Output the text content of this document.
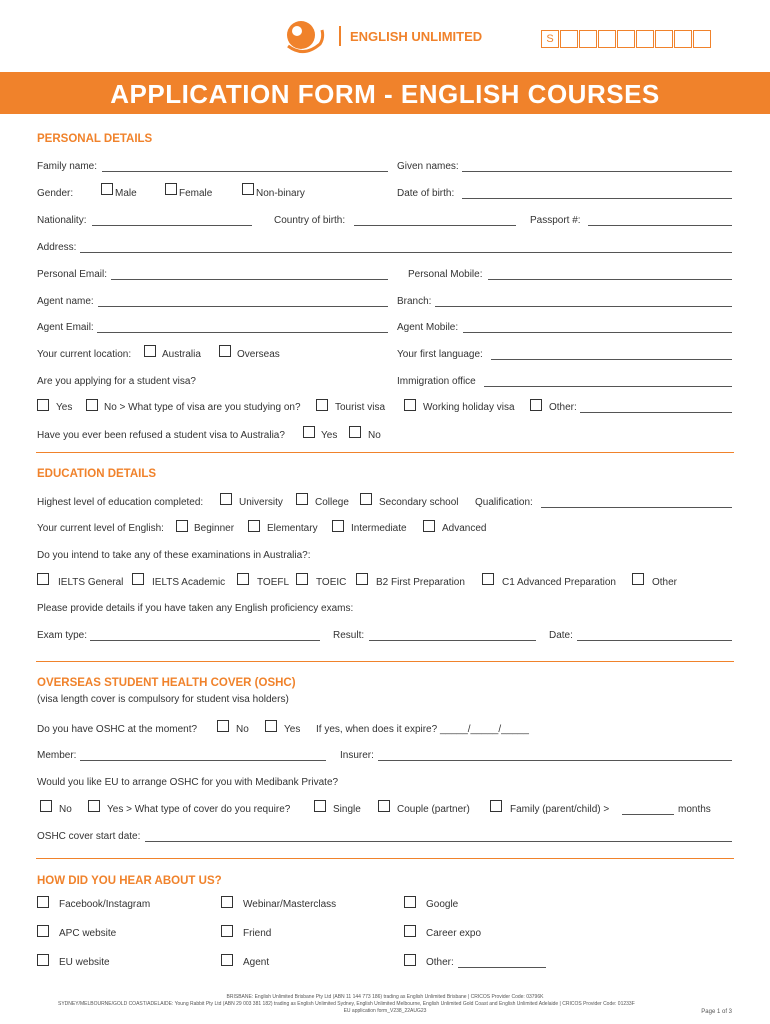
ENGLISH UNLIMITED	S
APPLICATION FORM - ENGLISH COURSES
PERSONAL DETAILS
Family name:	Given names:
Gender:	Male	Female	Non-binary	Date of birth:
Nationality:	Country of birth:	Passport #:
Address:
Personal Email:	Personal Mobile:
Agent name:	Branch:
Agent Email:	Agent Mobile:
Your current location:	Australia	Overseas	Your first language:
Are you applying for a student visa?	Immigration office
Yes	No > What type of visa are you studying on?	Tourist visa	Working holiday visa	Other:
Have you ever been refused a student visa to Australia?	Yes	No
EDUCATION DETAILS
Highest level of education completed:	University	College	Secondary school Qualification:
Your current level of English:	Beginner	Elementary	Intermediate	Advanced
Do you intend to take any of these examinations in Australia?:
IELTS General	IELTS Academic	TOEFL	TOEIC	B2 First Preparation	C1 Advanced Preparation	Other
Please provide details if you have taken any English proficiency exams:
Exam type:	Result:	Date:
OVERSEAS STUDENT HEALTH COVER (OSHC)
(visa length cover is compulsory for student visa holders)
Do you have OSHC at the moment?	No	Yes If yes, when does it expire? _____/_____/_____
Member:	Insurer:
Would you like EU to arrange OSHC for you with Medibank Private?
No	Yes > What type of cover do you require?	Single	Couple (partner)	Family (parent/child) >	months
OSHC cover start date:
HOW DID YOU HEAR ABOUT US?
Facebook/Instagram	Webinar/Masterclass	Google
APC website	Friend	Career expo
EU website	Agent	Other:
BRISBANE: English Unlimited Brisbane Pty Ltd (ABN 11 144 773 186) trading as English Unlimited Brisbane | CRICOS Provider Code: 03796K
SYDNEY/MELBOURNE/GOLD COAST/ADELAIDE: Young Rabbit Pty Ltd (ABN 29 003 381 182) trading as English Unlimited Sydney, English Unlimited Melbourne, English Unlimited Gold Coast and English Unlimited Adelaide | CRICOS Provider Code: 01233F
EU application form_V238_22AUG23	Page 1 of 3
